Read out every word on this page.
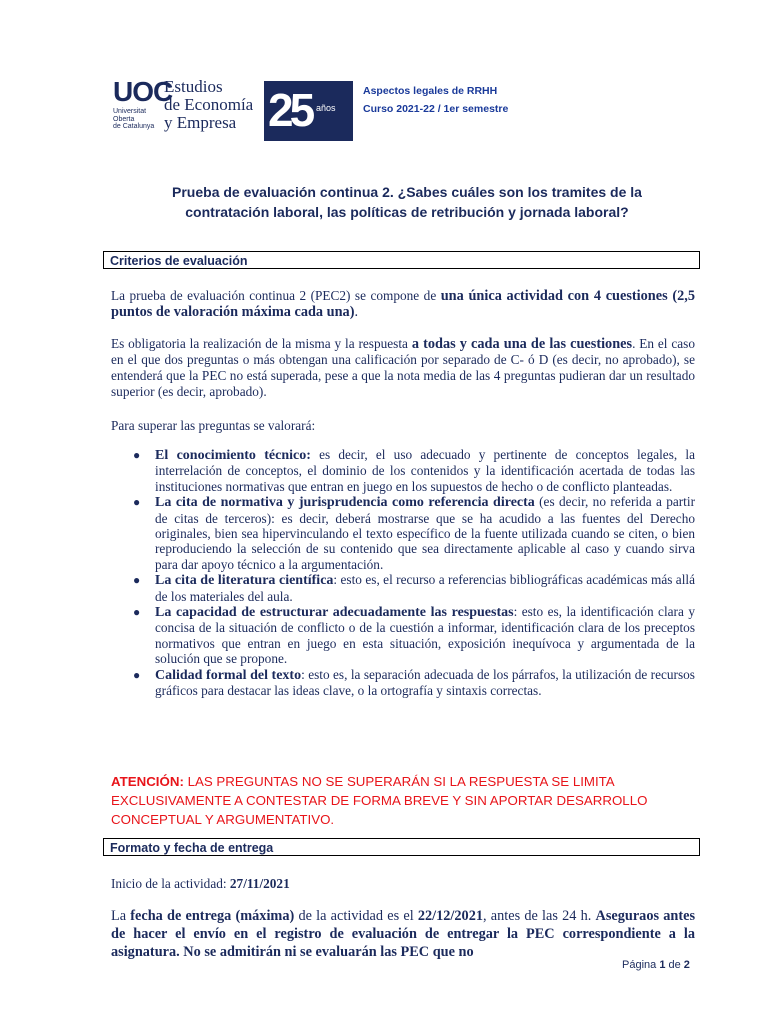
UOC
Universitat
Oberta
de Catalunya
Estudios
de Economía
y Empresa 25 años
Aspectos legales de RRHH
Curso 2021-22 / 1er semestre
Prueba de evaluación continua 2. ¿Sabes cuáles son los tramites de la
contratación laboral, las políticas de retribución y jornada laboral?
Criterios de evaluación
La prueba de evaluación continua 2 (PEC2) se compone de una única actividad con 4 cuestiones (2,5 puntos de valoración máxima cada una).
Es obligatoria la realización de la misma y la respuesta a todas y cada una de las cuestiones. En el caso en el que dos preguntas o más obtengan una calificación por separado de C- ó D (es decir, no aprobado), se entenderá que la PEC no está superada, pese a que la nota media de las 4 preguntas pudieran dar un resultado superior (es decir, aprobado).
Para superar las preguntas se valorará:
● El conocimiento técnico: es decir, el uso adecuado y pertinente de conceptos legales, la interrelación de conceptos, el dominio de los contenidos y la identificación acertada de todas las instituciones normativas que entran en juego en los supuestos de hecho o de conflicto planteadas.
● La cita de normativa y jurisprudencia como referencia directa (es decir, no referida a partir de citas de terceros): es decir, deberá mostrarse que se ha acudido a las fuentes del Derecho originales, bien sea hipervinculando el texto específico de la fuente utilizada cuando se citen, o bien reproduciendo la selección de su contenido que sea directamente aplicable al caso y cuando sirva para dar apoyo técnico a la argumentación.
● La cita de literatura científica: esto es, el recurso a referencias bibliográficas académicas más allá de los materiales del aula.
● La capacidad de estructurar adecuadamente las respuestas: esto es, la identificación clara y concisa de la situación de conflicto o de la cuestión a informar, identificación clara de los preceptos normativos que entran en juego en esta situación, exposición inequívoca y argumentada de la solución que se propone.
● Calidad formal del texto: esto es, la separación adecuada de los párrafos, la utilización de recursos gráficos para destacar las ideas clave, o la ortografía y sintaxis correctas.
ATENCIÓN: LAS PREGUNTAS NO SE SUPERARÁN SI LA RESPUESTA SE LIMITA EXCLUSIVAMENTE A CONTESTAR DE FORMA BREVE Y SIN APORTAR DESARROLLO CONCEPTUAL Y ARGUMENTATIVO.
Formato y fecha de entrega
Inicio de la actividad: 27/11/2021
La fecha de entrega (máxima) de la actividad es el 22/12/2021, antes de las 24 h. Aseguraos antes de hacer el envío en el registro de evaluación de entregar la PEC correspondiente a la asignatura. No se admitirán ni se evaluarán las PEC que no
Página 1 de 2
